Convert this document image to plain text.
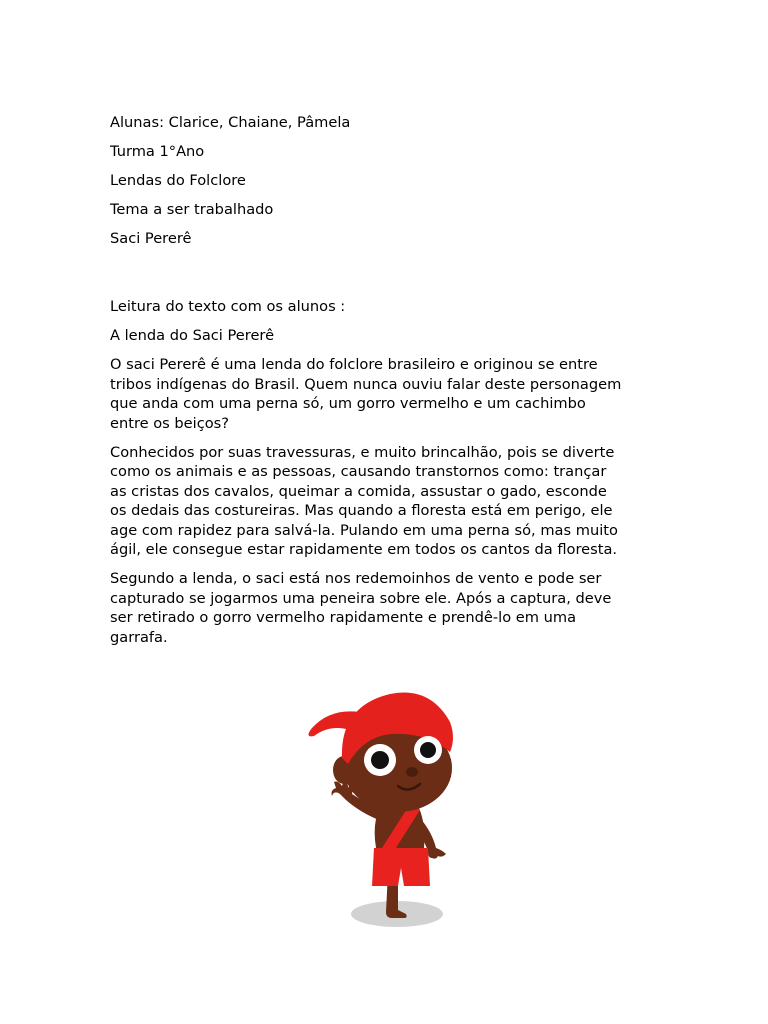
Alunas: Clarice, Chaiane, Pâmela

Turma 1°Ano

Lendas do Folclore

Tema a ser trabalhado

Saci Pererê

Leitura do texto com os alunos :

A lenda do Saci Pererê

O saci Pererê é uma lenda do folclore brasileiro e originou se entre
tribos indígenas do Brasil. Quem nunca ouviu falar deste personagem
que anda com uma perna só, um gorro vermelho e um cachimbo
entre os beiços?
Conhecidos por suas travessuras, e muito brincalhão, pois se diverte
como os animais e as pessoas, causando transtornos como: trançar
as cristas dos cavalos, queimar a comida, assustar o gado, esconde
os dedais das costureiras. Mas quando a floresta está em perigo, ele
age com rapidez para salvá-la. Pulando em uma perna só, mas muito
ágil, ele consegue estar rapidamente em todos os cantos da floresta.
Segundo a lenda, o saci está nos redemoinhos de vento e pode ser
capturado se jogarmos uma peneira sobre ele. Após a captura, deve
ser retirado o gorro vermelho rapidamente e prendê-lo em uma
garrafa.
